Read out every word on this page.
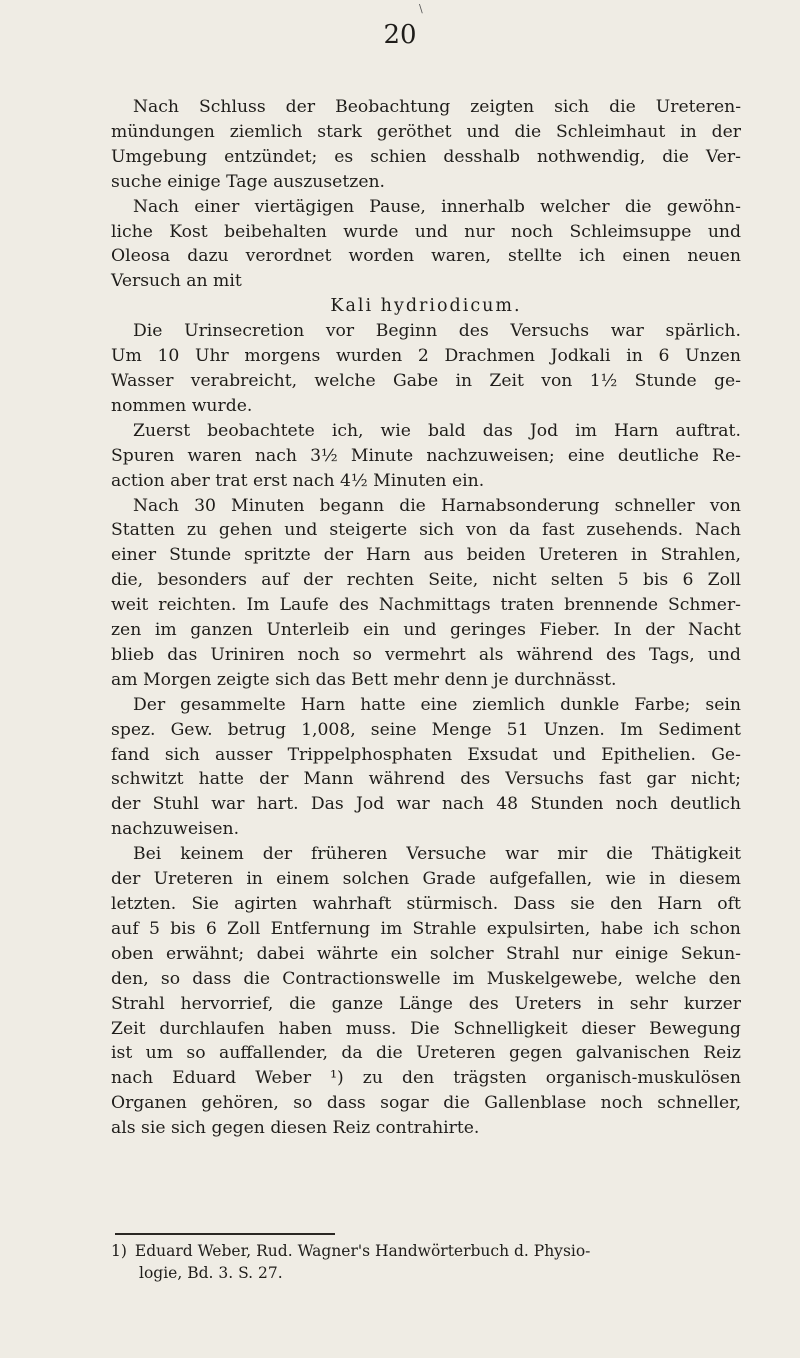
\
20
Nach Schluss der Beobachtung zeigten sich die Ureteren-
mündungen ziemlich stark geröthet und die Schleimhaut in der
Umgebung entzündet; es schien desshalb nothwendig, die Ver-
suche einige Tage auszusetzen.
Nach einer viertägigen Pause, innerhalb welcher die gewöhn-
liche Kost beibehalten wurde und nur noch Schleimsuppe und
Oleosa dazu verordnet worden waren, stellte ich einen neuen
Versuch an mit
Kali hydriodicum.
Die Urinsecretion vor Beginn des Versuchs war spärlich.
Um 10 Uhr morgens wurden 2 Drachmen Jodkali in 6 Unzen
Wasser verabreicht, welche Gabe in Zeit von 1½ Stunde ge-
nommen wurde.
Zuerst beobachtete ich, wie bald das Jod im Harn auftrat.
Spuren waren nach 3½ Minute nachzuweisen; eine deutliche Re-
action aber trat erst nach 4½ Minuten ein.
Nach 30 Minuten begann die Harnabsonderung schneller von
Statten zu gehen und steigerte sich von da fast zusehends. Nach
einer Stunde spritzte der Harn aus beiden Ureteren in Strahlen,
die, besonders auf der rechten Seite, nicht selten 5 bis 6 Zoll
weit reichten. Im Laufe des Nachmittags traten brennende Schmer-
zen im ganzen Unterleib ein und geringes Fieber. In der Nacht
blieb das Uriniren noch so vermehrt als während des Tags, und
am Morgen zeigte sich das Bett mehr denn je durchnässt.
Der gesammelte Harn hatte eine ziemlich dunkle Farbe; sein
spez. Gew. betrug 1,008, seine Menge 51 Unzen. Im Sediment
fand sich ausser Trippelphosphaten Exsudat und Epithelien. Ge-
schwitzt hatte der Mann während des Versuchs fast gar nicht;
der Stuhl war hart. Das Jod war nach 48 Stunden noch deutlich
nachzuweisen.
Bei keinem der früheren Versuche war mir die Thätigkeit
der Ureteren in einem solchen Grade aufgefallen, wie in diesem
letzten. Sie agirten wahrhaft stürmisch. Dass sie den Harn oft
auf 5 bis 6 Zoll Entfernung im Strahle expulsirten, habe ich schon
oben erwähnt; dabei währte ein solcher Strahl nur einige Sekun-
den, so dass die Contractionswelle im Muskelgewebe, welche den
Strahl hervorrief, die ganze Länge des Ureters in sehr kurzer
Zeit durchlaufen haben muss. Die Schnelligkeit dieser Bewegung
ist um so auffallender, da die Ureteren gegen galvanischen Reiz
nach Eduard Weber ¹) zu den trägsten organisch-muskulösen
Organen gehören, so dass sogar die Gallenblase noch schneller,
als sie sich gegen diesen Reiz contrahirte.
1) Eduard Weber, Rud. Wagner's Handwörterbuch d. Physio-
logie, Bd. 3. S. 27.
